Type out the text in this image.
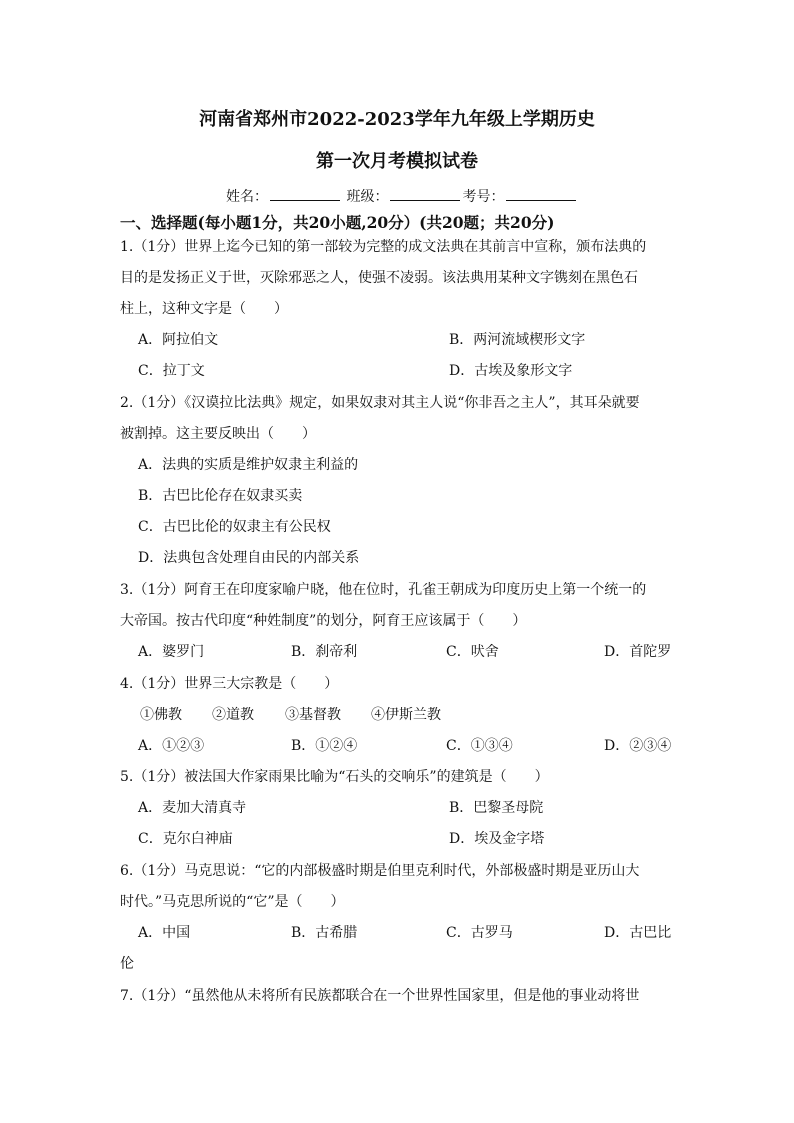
河南省郑州市2022-2023学年九年级上学期历史
第一次月考模拟试卷
姓名：	班级：	考号：
一、选择题(每小题1分，共20小题,20分）(共20题；共20分)
1.（1分）世界上迄今已知的第一部较为完整的成文法典在其前言中宣称，颁布法典的
目的是发扬正义于世，灭除邪恶之人，使强不凌弱。该法典用某种文字镌刻在黑色石
柱上，这种文字是（　　）
A．阿拉伯文	B．两河流域楔形文字
C．拉丁文	D．古埃及象形文字
2.（1分）《汉谟拉比法典》规定，如果奴隶对其主人说“你非吾之主人”，其耳朵就要
被割掉。这主要反映出（　　）
A．法典的实质是维护奴隶主利益的
B．古巴比伦存在奴隶买卖
C．古巴比伦的奴隶主有公民权
D．法典包含处理自由民的内部关系
3.（1分）阿育王在印度家喻户晓，他在位时，孔雀王朝成为印度历史上第一个统一的
大帝国。按古代印度“种姓制度”的划分，阿育王应该属于（　　）
A．婆罗门	B．刹帝利	C．吠舍	D．首陀罗
4.（1分）世界三大宗教是（　　）
①佛教 ②道教 ③基督教 ④伊斯兰教
A．①②③	B．①②④	C．①③④	D．②③④
5.（1分）被法国大作家雨果比喻为“石头的交响乐”的建筑是（　　）
A．麦加大清真寺	B．巴黎圣母院
C．克尔白神庙	D．埃及金字塔
6.（1分）马克思说：“它的内部极盛时期是伯里克利时代，外部极盛时期是亚历山大
时代。”马克思所说的“它”是（　　）
A．中国	B．古希腊	C．古罗马	D．古巴比
伦
7.（1分）“虽然他从未将所有民族都联合在一个世界性国家里，但是他的事业动将世
